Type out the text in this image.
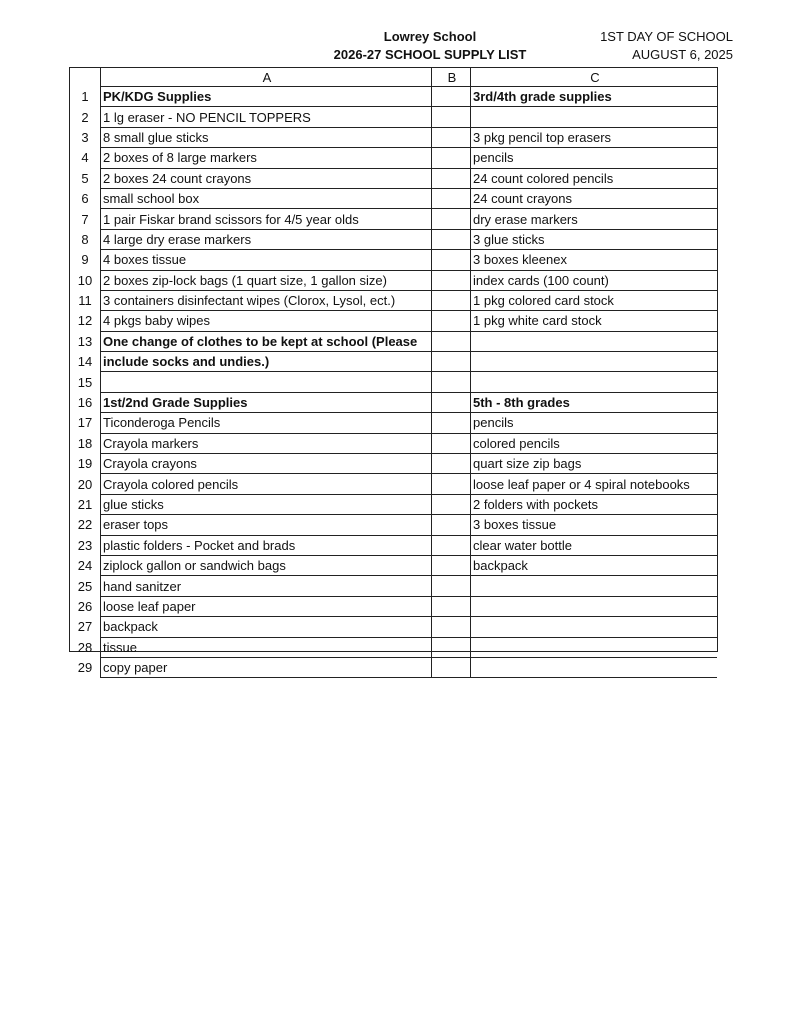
Lowrey School
2026-27 SCHOOL SUPPLY LIST
1ST DAY OF SCHOOL
AUGUST 6, 2025
	A	B	C
1	PK/KDG Supplies		3rd/4th grade supplies
2	1 lg eraser - NO PENCIL TOPPERS		
3	8 small glue sticks		3 pkg pencil top erasers
4	2 boxes of 8 large markers		pencils
5	2 boxes 24 count crayons		24 count colored pencils
6	small school box		24 count crayons
7	1 pair Fiskar brand scissors for 4/5 year olds		dry erase markers
8	4 large dry erase markers		3 glue sticks
9	4 boxes tissue		3 boxes kleenex
10	2 boxes zip-lock bags (1 quart size, 1 gallon size)		index cards (100 count)
11	3 containers disinfectant wipes (Clorox, Lysol, ect.)		1 pkg colored card stock
12	4 pkgs baby wipes		1 pkg white card stock
13	One change of clothes to be kept at school (Please		
14	include socks and undies.)		
15			
16	1st/2nd Grade Supplies		5th - 8th grades
17	Ticonderoga Pencils		pencils
18	Crayola markers		colored pencils
19	Crayola crayons		quart size zip bags
20	Crayola colored pencils		loose leaf paper or 4 spiral notebooks
21	glue sticks		2 folders with pockets
22	eraser tops		3 boxes tissue
23	plastic folders - Pocket and brads		clear water bottle
24	ziplock gallon or sandwich bags		backpack
25	hand sanitzer		
26	loose leaf paper		
27	backpack		
28	tissue		
29	copy paper		
